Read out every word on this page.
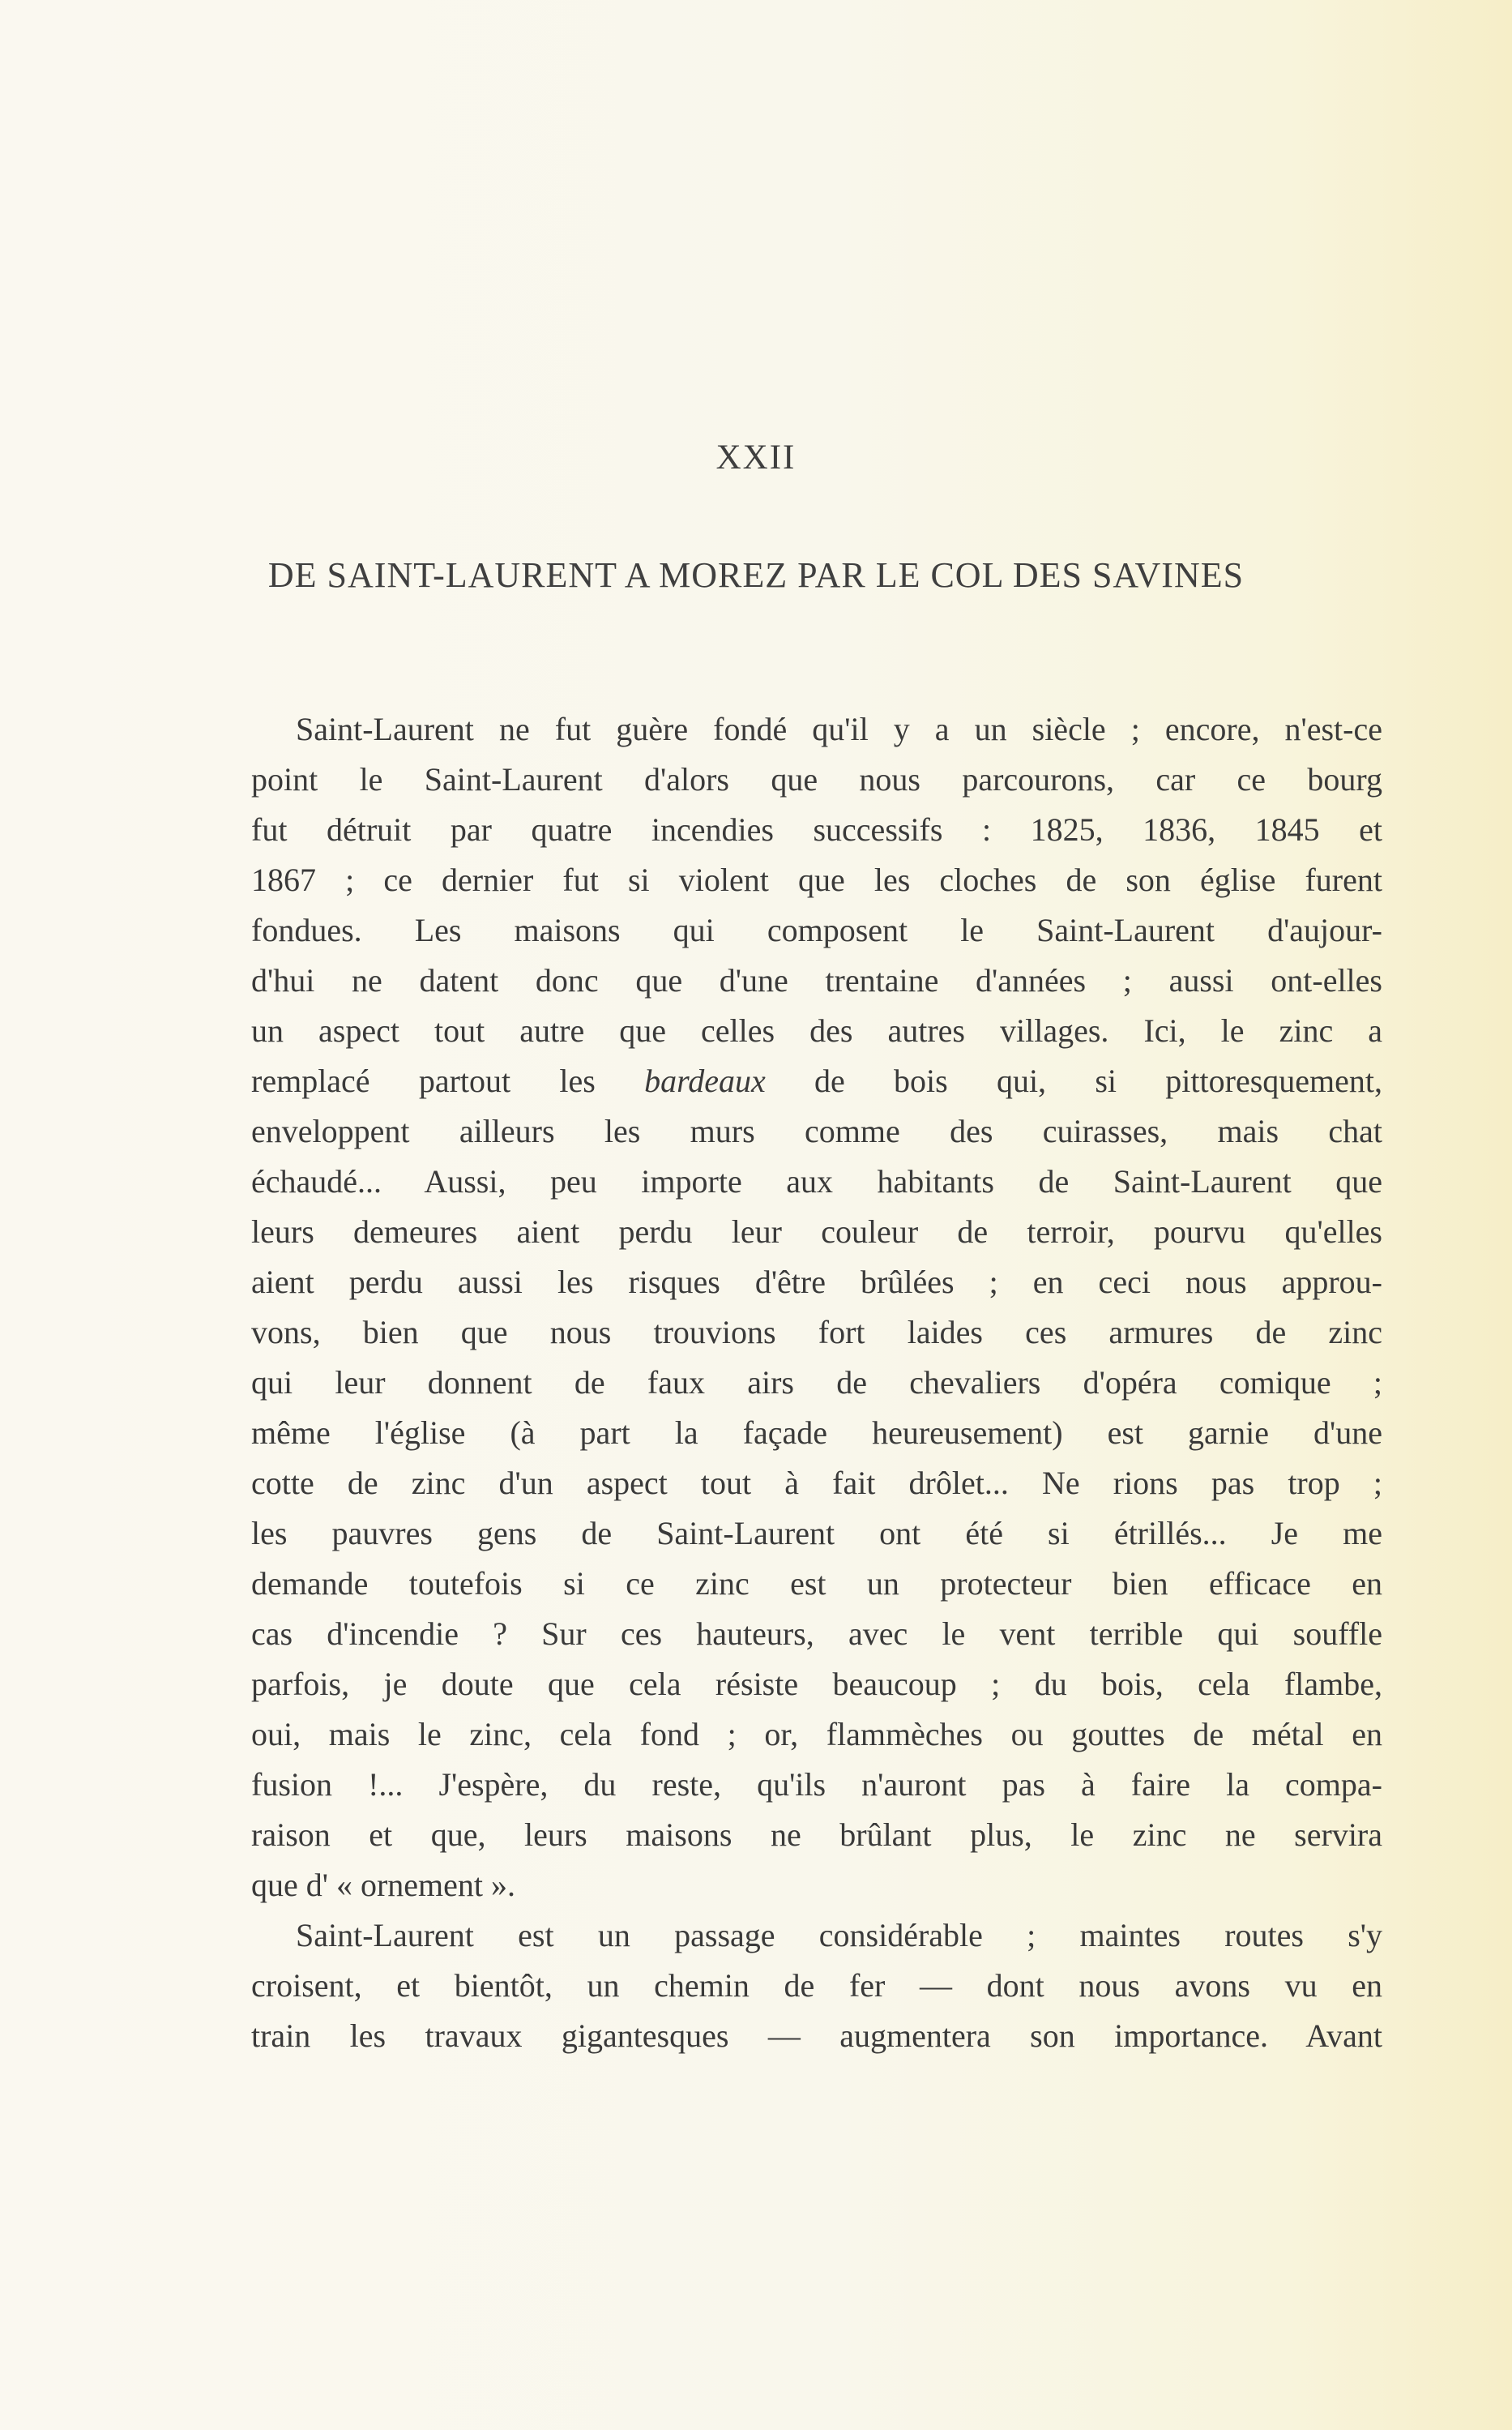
XXII
DE SAINT-LAURENT A MOREZ PAR LE COL DES SAVINES

Saint-Laurent ne fut guère fondé qu'il y a un siècle ; encore, n'est-ce
point le Saint-Laurent d'alors que nous parcourons, car ce bourg
fut détruit par quatre incendies successifs : 1825, 1836, 1845 et
1867 ; ce dernier fut si violent que les cloches de son église furent
fondues. Les maisons qui composent le Saint-Laurent d'aujour-
d'hui ne datent donc que d'une trentaine d'années ; aussi ont-elles
un aspect tout autre que celles des autres villages. Ici, le zinc a
remplacé partout les bardeaux de bois qui, si pittoresquement,
enveloppent ailleurs les murs comme des cuirasses, mais chat
échaudé... Aussi, peu importe aux habitants de Saint-Laurent que
leurs demeures aient perdu leur couleur de terroir, pourvu qu'elles
aient perdu aussi les risques d'être brûlées ; en ceci nous approu-
vons, bien que nous trouvions fort laides ces armures de zinc
qui leur donnent de faux airs de chevaliers d'opéra comique ;
même l'église (à part la façade heureusement) est garnie d'une
cotte de zinc d'un aspect tout à fait drôlet... Ne rions pas trop ;
les pauvres gens de Saint-Laurent ont été si étrillés... Je me
demande toutefois si ce zinc est un protecteur bien efficace en
cas d'incendie ? Sur ces hauteurs, avec le vent terrible qui souffle
parfois, je doute que cela résiste beaucoup ; du bois, cela flambe,
oui, mais le zinc, cela fond ; or, flammèches ou gouttes de métal en
fusion !... J'espère, du reste, qu'ils n'auront pas à faire la compa-
raison et que, leurs maisons ne brûlant plus, le zinc ne servira
que d' « ornement ».

Saint-Laurent est un passage considérable ; maintes routes s'y
croisent, et bientôt, un chemin de fer — dont nous avons vu en
train les travaux gigantesques — augmentera son importance. Avant
